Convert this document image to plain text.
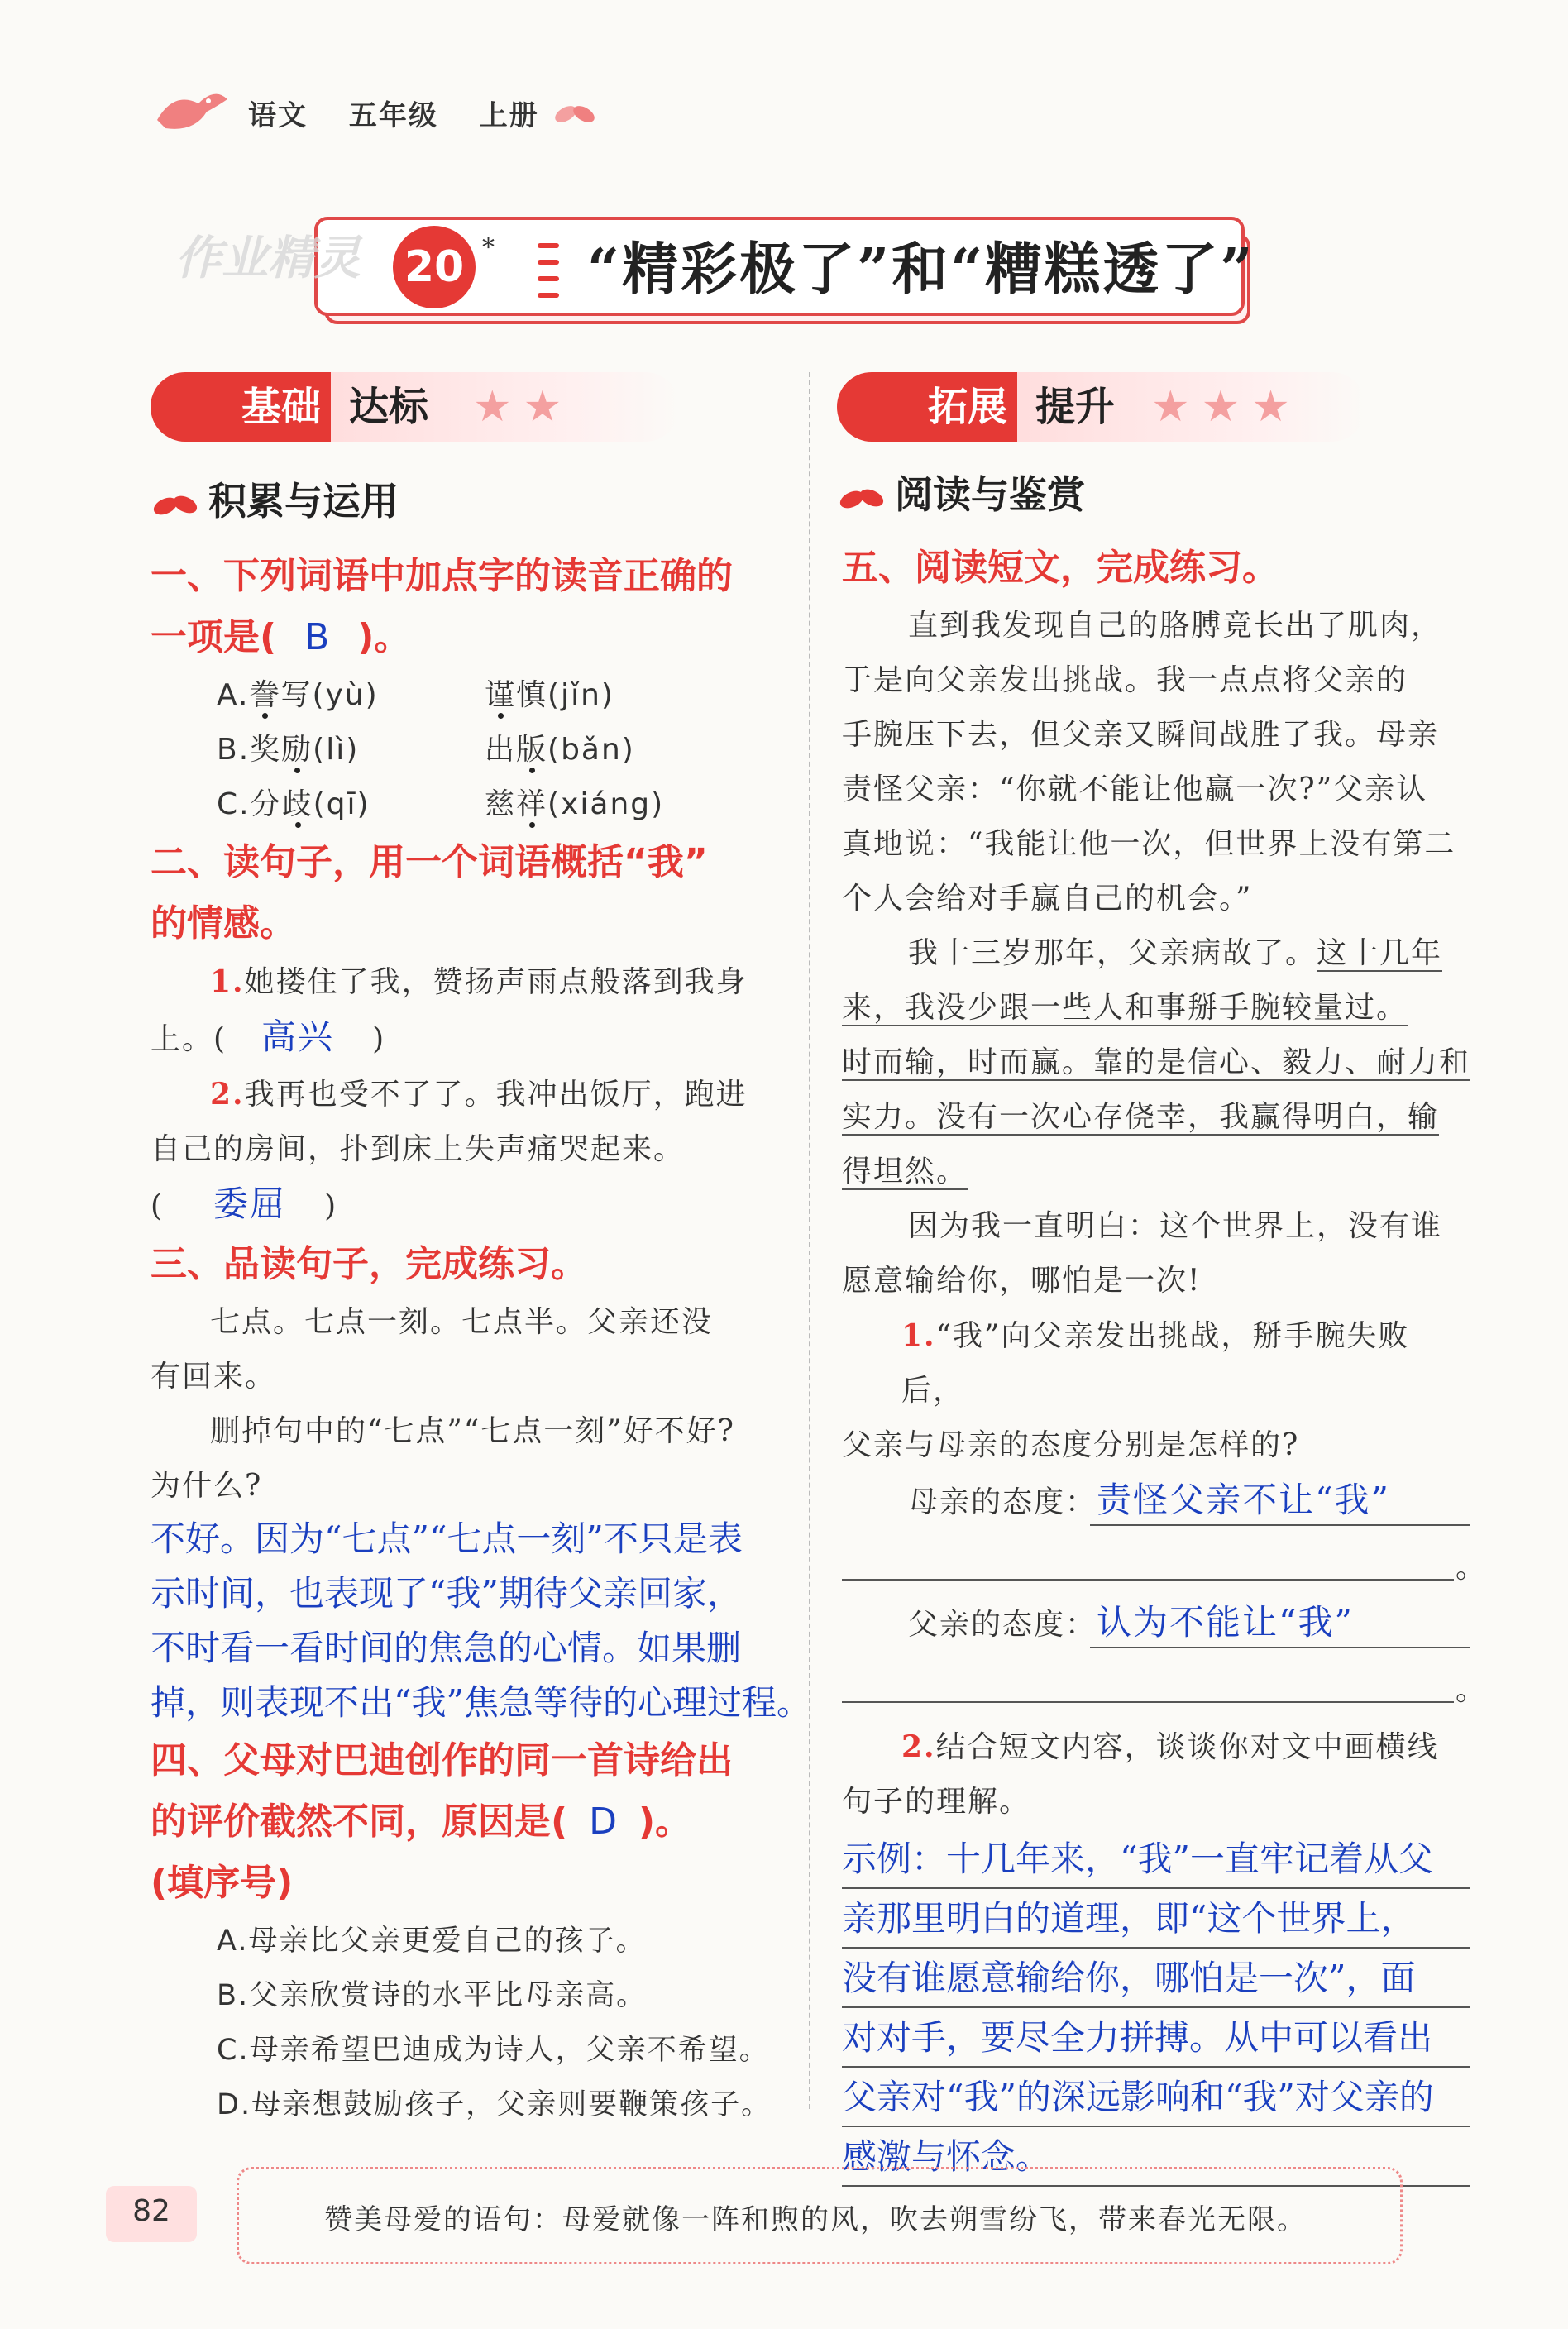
语文 五年级 上册
作业精灵 20 * “精彩极了”和“糟糕透了”
基础 达标 ★★	拓展 提升 ★★★
积累与运用	阅读与鉴赏
一、下列词语中加点字的读音正确的
一项是( B )。
A.誊写(yù)	谨慎(jǐn)
B.奖励(lì)	出版(bǎn)
C.分歧(qī)	慈祥(xiáng)
二、读句子，用一个词语概括“我”
的情感。
1.她搂住了我，赞扬声雨点般落到我身
上。( 高兴 )
2.我再也受不了了。我冲出饭厅，跑进
自己的房间，扑到床上失声痛哭起来。
( 委屈 )
三、品读句子，完成练习。
七点。七点一刻。七点半。父亲还没
有回来。
删掉句中的“七点”“七点一刻”好不好?
为什么?
不好。因为“七点”“七点一刻”不只是表
示时间，也表现了“我”期待父亲回家，
不时看一看时间的焦急的心情。如果删
掉，则表现不出“我”焦急等待的心理过程。
四、父母对巴迪创作的同一首诗给出
的评价截然不同，原因是( D )。
(填序号)
A.母亲比父亲更爱自己的孩子。
B.父亲欣赏诗的水平比母亲高。
C.母亲希望巴迪成为诗人，父亲不希望。
D.母亲想鼓励孩子，父亲则要鞭策孩子。
五、阅读短文，完成练习。
直到我发现自己的胳膊竟长出了肌肉，
于是向父亲发出挑战。我一点点将父亲的
手腕压下去，但父亲又瞬间战胜了我。母亲
责怪父亲：“你就不能让他赢一次?”父亲认
真地说：“我能让他一次，但世界上没有第二
个人会给对手赢自己的机会。”
我十三岁那年，父亲病故了。这十几年
来，我没少跟一些人和事掰手腕较量过。
时而输，时而赢。靠的是信心、毅力、耐力和
实力。没有一次心存侥幸，我赢得明白，输
得坦然。
因为我一直明白：这个世界上，没有谁
愿意输给你，哪怕是一次!
1.“我”向父亲发出挑战，掰手腕失败后，
父亲与母亲的态度分别是怎样的?
母亲的态度：责怪父亲不让“我”
。
父亲的态度：认为不能让“我”
。
2.结合短文内容，谈谈你对文中画横线
句子的理解。
示例：十几年来，“我”一直牢记着从父
亲那里明白的道理，即“这个世界上，
没有谁愿意输给你，哪怕是一次”，面
对对手，要尽全力拼搏。从中可以看出
父亲对“我”的深远影响和“我”对父亲的
感激与怀念。
82	赞美母爱的语句：母爱就像一阵和煦的风，吹去朔雪纷飞，带来春光无限。
